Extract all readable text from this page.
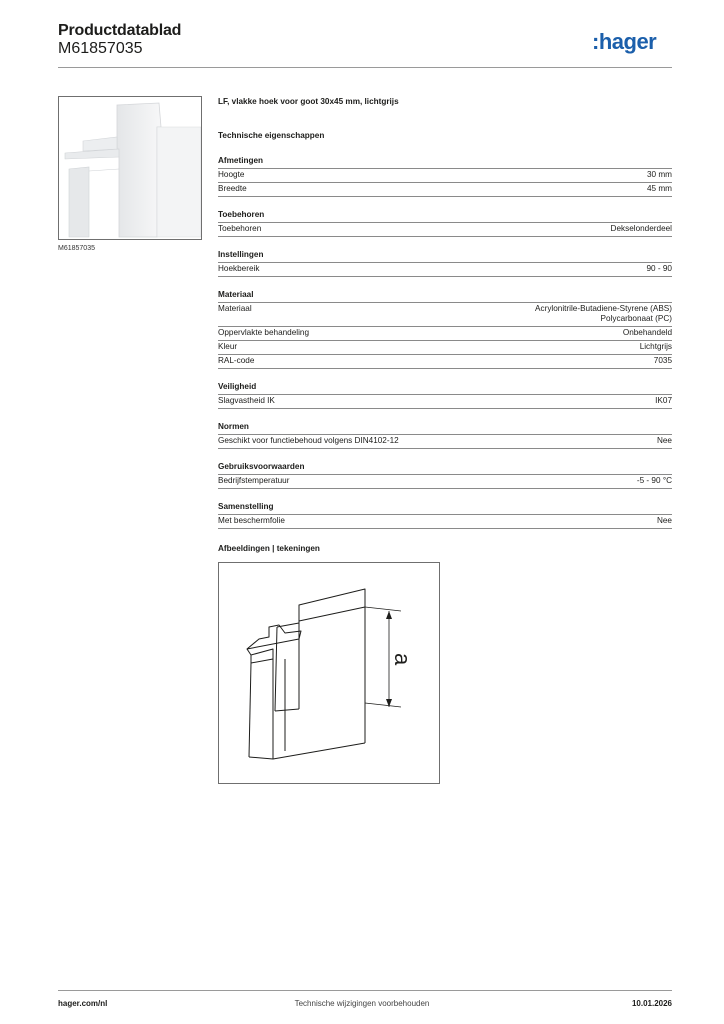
Productdatablad
M61857035	:hager
M61857035
LF, vlakke hoek voor goot 30x45 mm, lichtgrijs
Technische eigenschappen
Afmetingen
Hoogte	30 mm
Breedte	45 mm
Toebehoren
Toebehoren	Dekselonderdeel
Instellingen
Hoekbereik	90 - 90
Materiaal
Materiaal	Acrylonitrile-Butadiene-Styrene (ABS)
Polycarbonaat (PC)
Oppervlakte behandeling	Onbehandeld
Kleur	Lichtgrijs
RAL-code	7035
Veiligheid
Slagvastheid IK	IK07
Normen
Geschikt voor functiebehoud volgens DIN4102-12	Nee
Gebruiksvoorwaarden
Bedrijfstemperatuur	-5 - 90 °C
Samenstelling
Met beschermfolie	Nee
Afbeeldingen | tekeningen
a
hager.com/nl	Technische wijzigingen voorbehouden	10.01.2026
